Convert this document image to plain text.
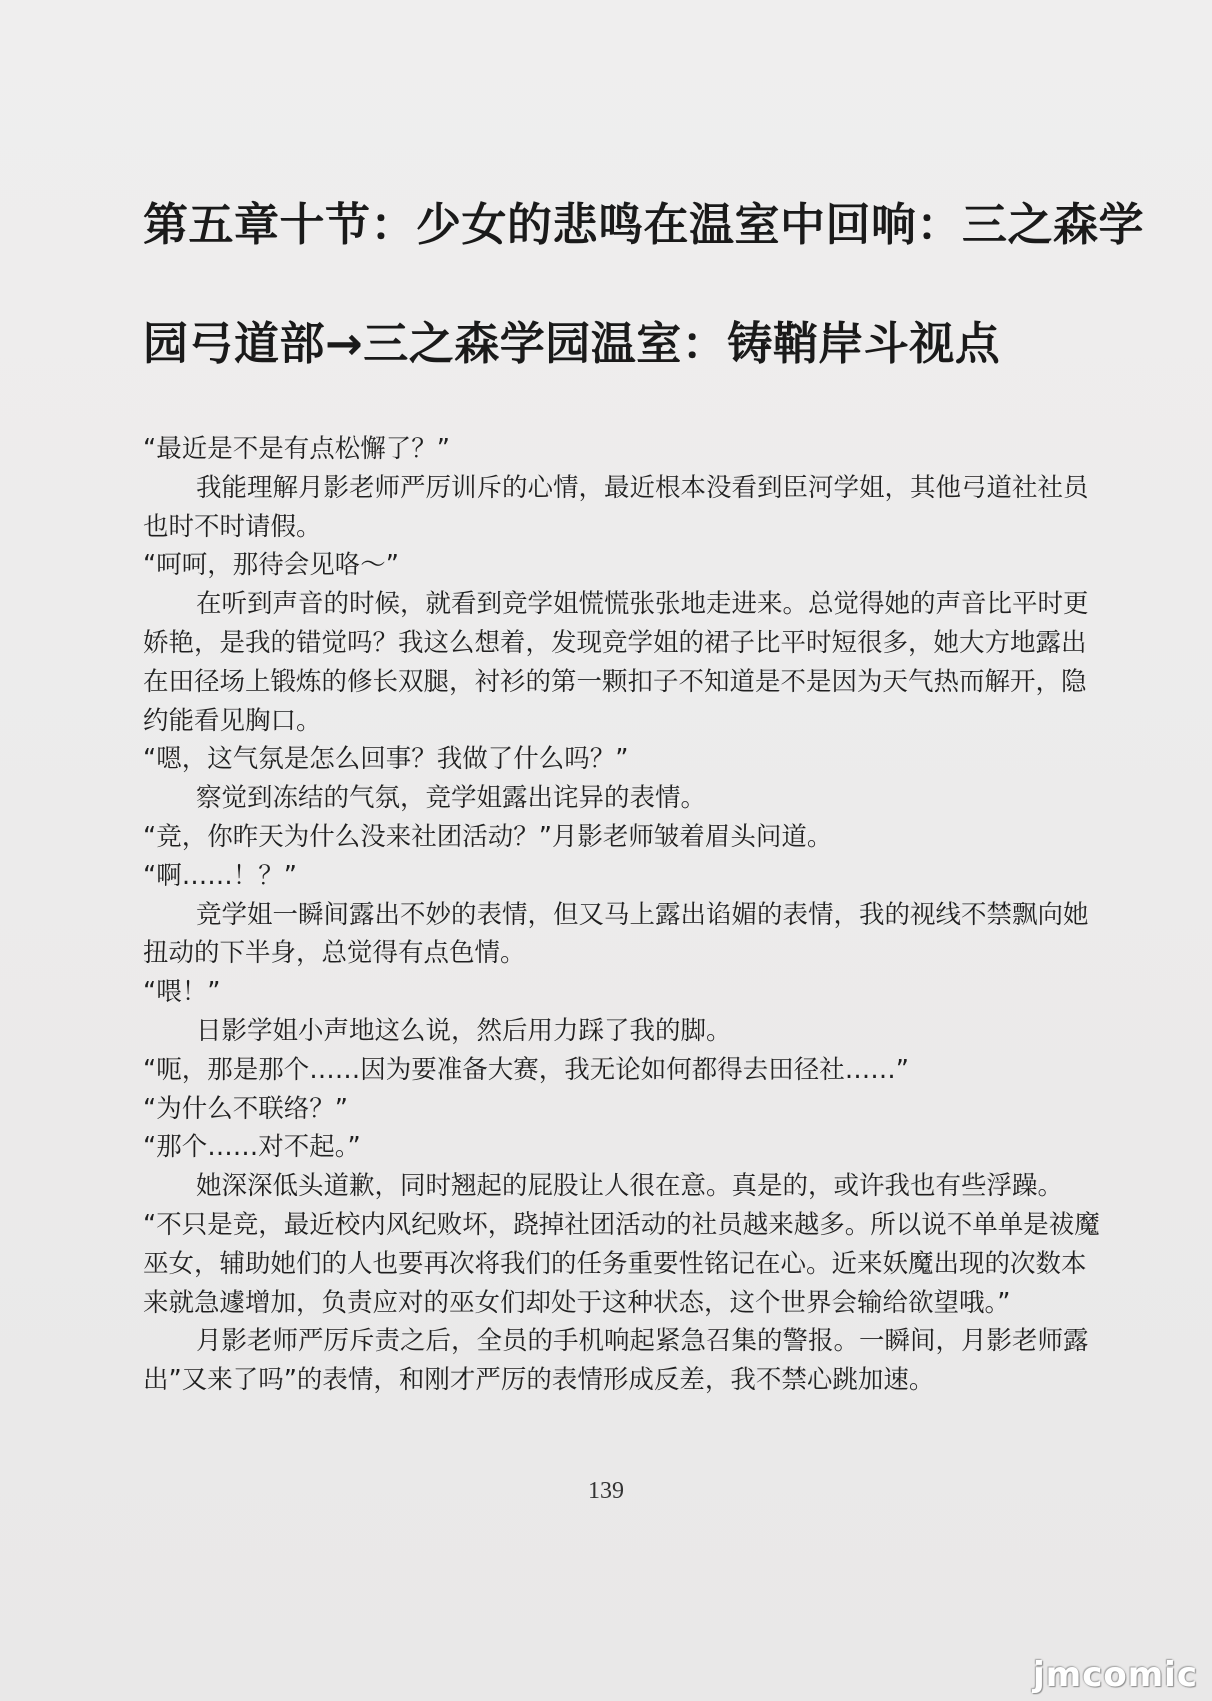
第五章十节：少女的悲鸣在温室中回响：三之森学
园弓道部→三之森学园温室：铸鞘岸斗视点

“最近是不是有点松懈了？”

我能理解月影老师严厉训斥的心情，最近根本没看到臣河学姐，其他弓道社社员也时不时请假。

“呵呵，那待会见咯～”

在听到声音的时候，就看到竞学姐慌慌张张地走进来。总觉得她的声音比平时更娇艳，是我的错觉吗？我这么想着，发现竞学姐的裙子比平时短很多，她大方地露出在田径场上锻炼的修长双腿，衬衫的第一颗扣子不知道是不是因为天气热而解开，隐约能看见胸口。

“嗯，这气氛是怎么回事？我做了什么吗？”

察觉到冻结的气氛，竞学姐露出诧异的表情。

“竞，你昨天为什么没来社团活动？”月影老师皱着眉头问道。

“啊……！？”

竞学姐一瞬间露出不妙的表情，但又马上露出谄媚的表情，我的视线不禁飘向她扭动的下半身，总觉得有点色情。

“喂！”

日影学姐小声地这么说，然后用力踩了我的脚。

“呃，那是那个……因为要准备大赛，我无论如何都得去田径社……”

“为什么不联络？”

“那个……对不起。”

她深深低头道歉，同时翘起的屁股让人很在意。真是的，或许我也有些浮躁。

“不只是竞，最近校内风纪败坏，跷掉社团活动的社员越来越多。所以说不单单是祓魔巫女，辅助她们的人也要再次将我们的任务重要性铭记在心。近来妖魔出现的次数本来就急遽增加，负责应对的巫女们却处于这种状态，这个世界会输给欲望哦。”

月影老师严厉斥责之后，全员的手机响起紧急召集的警报。一瞬间，月影老师露出”又来了吗”的表情，和刚才严厉的表情形成反差，我不禁心跳加速。

139
jmcomic
